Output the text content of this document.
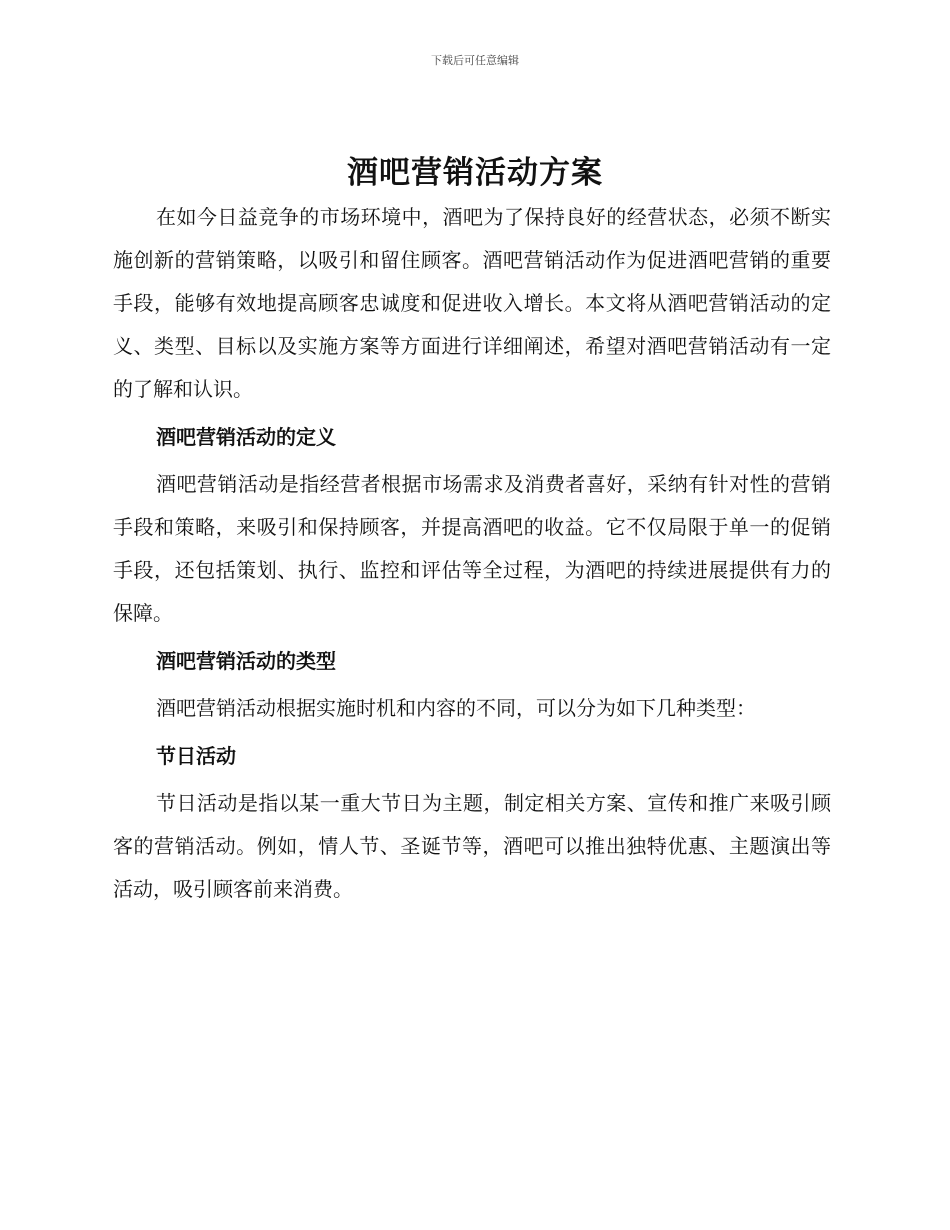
下载后可任意编辑
酒吧营销活动方案

在如今日益竞争的市场环境中，酒吧为了保持良好的经营状态，必须不断实施创新的营销策略，以吸引和留住顾客。酒吧营销活动作为促进酒吧营销的重要手段，能够有效地提高顾客忠诚度和促进收入增长。本文将从酒吧营销活动的定义、类型、目标以及实施方案等方面进行详细阐述，希望对酒吧营销活动有一定的了解和认识。

酒吧营销活动的定义

酒吧营销活动是指经营者根据市场需求及消费者喜好，采纳有针对性的营销手段和策略，来吸引和保持顾客，并提高酒吧的收益。它不仅局限于单一的促销手段，还包括策划、执行、监控和评估等全过程，为酒吧的持续进展提供有力的保障。

酒吧营销活动的类型

酒吧营销活动根据实施时机和内容的不同，可以分为如下几种类型：

节日活动

节日活动是指以某一重大节日为主题，制定相关方案、宣传和推广来吸引顾客的营销活动。例如，情人节、圣诞节等，酒吧可以推出独特优惠、主题演出等活动，吸引顾客前来消费。
